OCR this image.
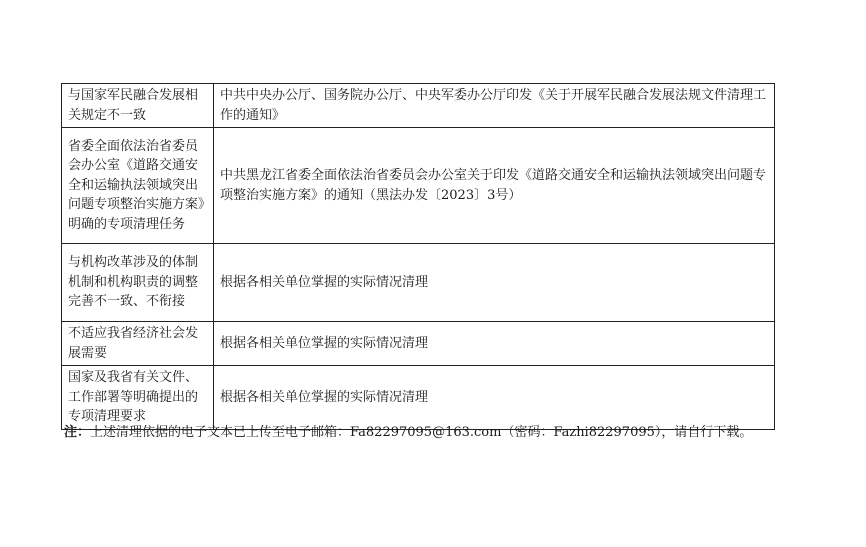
与国家军民融合发展相关规定不一致	中共中央办公厅、国务院办公厅、中央军委办公厅印发《关于开展军民融合发展法规文件清理工作的通知》
省委全面依法治省委员会办公室《道路交通安全和运输执法领域突出问题专项整治实施方案》明确的专项清理任务	中共黑龙江省委全面依法治省委员会办公室关于印发《道路交通安全和运输执法领域突出问题专项整治实施方案》的通知（黑法办发〔2023〕3号）
与机构改革涉及的体制机制和机构职责的调整完善不一致、不衔接	根据各相关单位掌握的实际情况清理
不适应我省经济社会发展需要	根据各相关单位掌握的实际情况清理
国家及我省有关文件、工作部署等明确提出的专项清理要求	根据各相关单位掌握的实际情况清理
注：上述清理依据的电子文本已上传至电子邮箱：Fa82297095@163.com（密码：Fazhi82297095），请自行下载。
